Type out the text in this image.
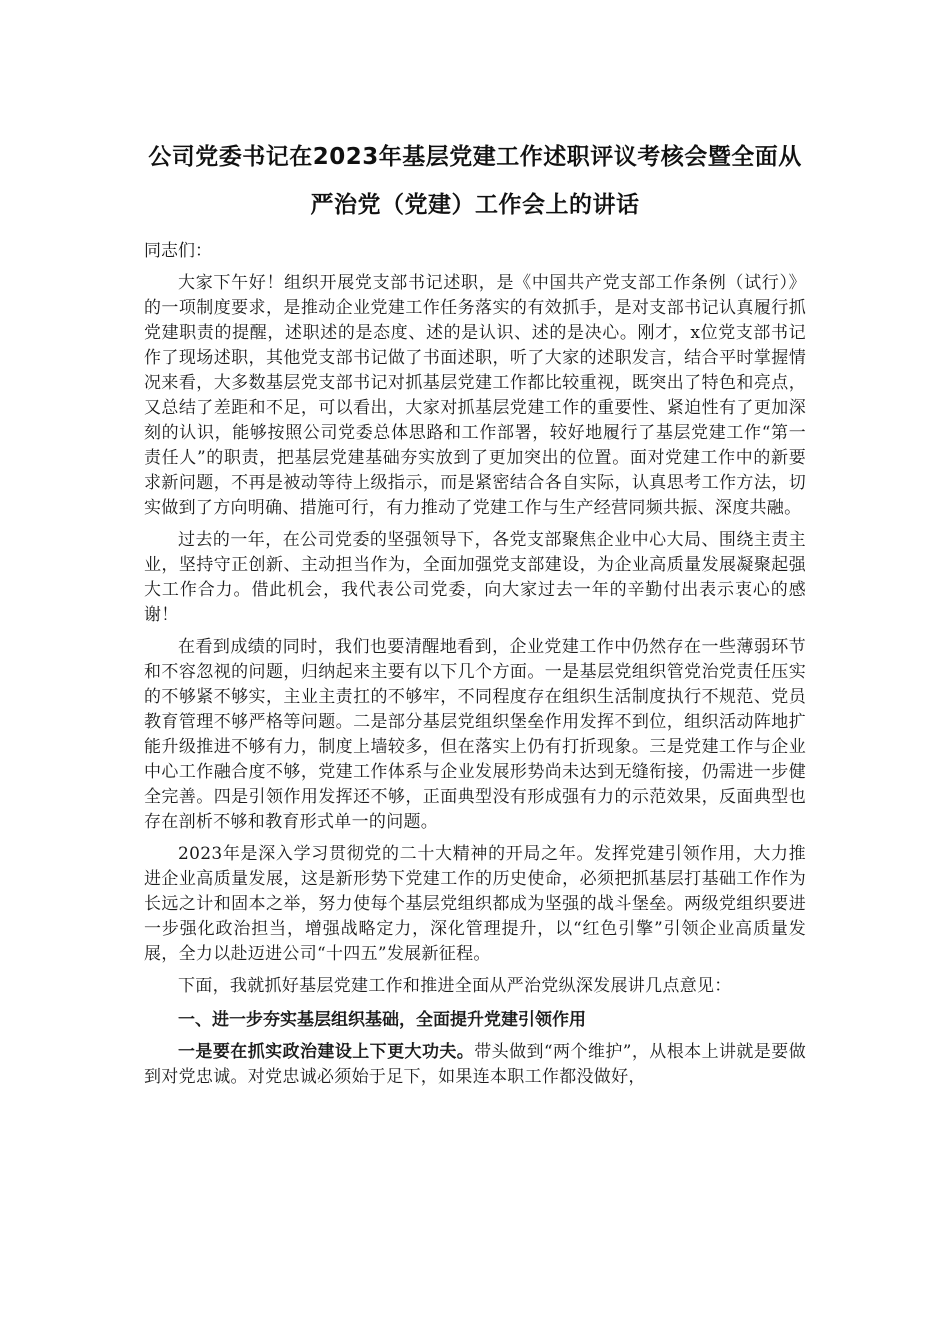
公司党委书记在2023年基层党建工作述职评议考核会暨全面从
严治党（党建）工作会上的讲话

同志们：

大家下午好！组织开展党支部书记述职，是《中国共产党支部工作条例（试行）》的一项制度要求，是推动企业党建工作任务落实的有效抓手，是对支部书记认真履行抓党建职责的提醒，述职述的是态度、述的是认识、述的是决心。刚才，x位党支部书记作了现场述职，其他党支部书记做了书面述职，听了大家的述职发言，结合平时掌握情况来看，大多数基层党支部书记对抓基层党建工作都比较重视，既突出了特色和亮点，又总结了差距和不足，可以看出，大家对抓基层党建工作的重要性、紧迫性有了更加深刻的认识，能够按照公司党委总体思路和工作部署，较好地履行了基层党建工作“第一责任人”的职责，把基层党建基础夯实放到了更加突出的位置。面对党建工作中的新要求新问题，不再是被动等待上级指示，而是紧密结合各自实际，认真思考工作方法，切实做到了方向明确、措施可行，有力推动了党建工作与生产经营同频共振、深度共融。

过去的一年，在公司党委的坚强领导下，各党支部聚焦企业中心大局、围绕主责主业，坚持守正创新、主动担当作为，全面加强党支部建设，为企业高质量发展凝聚起强大工作合力。借此机会，我代表公司党委，向大家过去一年的辛勤付出表示衷心的感谢！

在看到成绩的同时，我们也要清醒地看到，企业党建工作中仍然存在一些薄弱环节和不容忽视的问题，归纳起来主要有以下几个方面。一是基层党组织管党治党责任压实的不够紧不够实，主业主责扛的不够牢，不同程度存在组织生活制度执行不规范、党员教育管理不够严格等问题。二是部分基层党组织堡垒作用发挥不到位，组织活动阵地扩能升级推进不够有力，制度上墙较多，但在落实上仍有打折现象。三是党建工作与企业中心工作融合度不够，党建工作体系与企业发展形势尚未达到无缝衔接，仍需进一步健全完善。四是引领作用发挥还不够，正面典型没有形成强有力的示范效果，反面典型也存在剖析不够和教育形式单一的问题。

2023年是深入学习贯彻党的二十大精神的开局之年。发挥党建引领作用，大力推进企业高质量发展，这是新形势下党建工作的历史使命，必须把抓基层打基础工作作为长远之计和固本之举，努力使每个基层党组织都成为坚强的战斗堡垒。两级党组织要进一步强化政治担当，增强战略定力，深化管理提升，以“红色引擎”引领企业高质量发展，全力以赴迈进公司“十四五”发展新征程。

下面，我就抓好基层党建工作和推进全面从严治党纵深发展讲几点意见：

一、进一步夯实基层组织基础，全面提升党建引领作用

一是要在抓实政治建设上下更大功夫。带头做到“两个维护”，从根本上讲就是要做到对党忠诚。对党忠诚必须始于足下，如果连本职工作都没做好，
